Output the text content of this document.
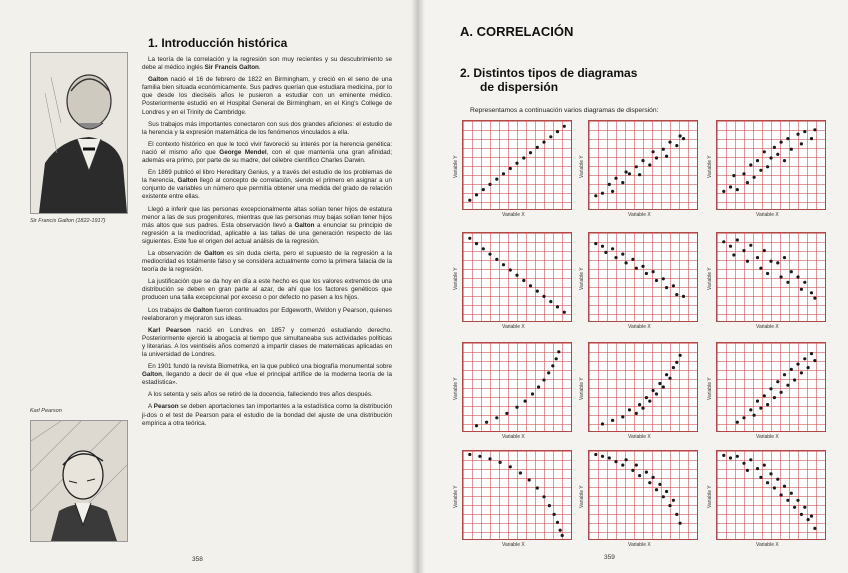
Sir Francis Galton (1822-1917)
Karl Pearson
1. Introducción histórica

La teoría de la correlación y la regresión son muy recientes y su descubrimiento se debe al médico inglés Sir Francis Galton.

Galton nació el 16 de febrero de 1822 en Birmingham, y creció en el seno de una familia bien situada económicamente. Sus padres querían que estudiara medicina, por lo que desde los dieciséis años le pusieron a estudiar con un eminente médico. Posteriormente estudió en el Hospital General de Birmingham, en el King's College de Londres y en el Trinity de Cambridge.

Sus trabajos más importantes conectaron con sus dos grandes aficiones: el estudio de la herencia y la expresión matemática de los fenómenos vinculados a ella.

El contexto histórico en que le tocó vivir favoreció su interés por la herencia genética: nació el mismo año que George Mendel, con el que mantenía una gran afinidad; además era primo, por parte de su madre, del célebre científico Charles Darwin.

En 1869 publicó el libro Hereditary Genius, y a través del estudio de los problemas de la herencia, Galton llegó al concepto de correlación, siendo el primero en asignar a un conjunto de variables un número que permitía obtener una medida del grado de relación existente entre ellas.

Llegó a inferir que las personas excepcionalmente altas solían tener hijos de estatura menor a las de sus progenitores, mientras que las personas muy bajas solían tener hijos más altos que sus padres. Esta observación llevó a Galton a enunciar su principio de regresión a la mediocridad, aplicable a las tallas de una generación respecto de las siguientes. Este fue el origen del actual análisis de la regresión.

La observación de Galton es sin duda cierta, pero el supuesto de la regresión a la mediocridad es totalmente falso y se considera actualmente como la primera falacia de la teoría de la regresión.

La justificación que se da hoy en día a este hecho es que los valores extremos de una distribución se deben en gran parte al azar, de ahí que los factores genéticos que producen una talla excepcional por exceso o por defecto no pasen a los hijos.

Los trabajos de Galton fueron continuados por Edgeworth, Weldon y Pearson, quienes reelaboraron y mejoraron sus ideas.

Karl Pearson nació en Londres en 1857 y comenzó estudiando derecho. Posteriormente ejerció la abogacía al tiempo que simultaneaba sus actividades políticas y literarias. A los veintiséis años comenzó a impartir clases de matemáticas aplicadas en la universidad de Londres.

En 1901 fundó la revista Biometrika, en la que publicó una biografía monumental sobre Galton, llegando a decir de él que «fue el principal artífice de la moderna teoría de la estadística».

A los setenta y seis años se retiró de la docencia, falleciendo tres años después.

A Pearson se deben aportaciones tan importantes a la estadística como la distribución ji-dos o el test de Pearson para el estudio de la bondad del ajuste de una distribución empírica a otra teórica.

358
A. CORRELACIÓN
2. Distintos tipos de diagramas
de dispersión
Representamos a continuación varios diagramas de dispersión:
Variable X
Variable Y
Variable X
Variable Y
Variable X
Variable Y
Variable X
Variable Y
Variable X
Variable Y
Variable X
Variable Y
Variable X
Variable Y
Variable X
Variable Y
Variable X
Variable Y
Variable X
Variable Y
Variable X
Variable Y
Variable X
Variable Y
359
